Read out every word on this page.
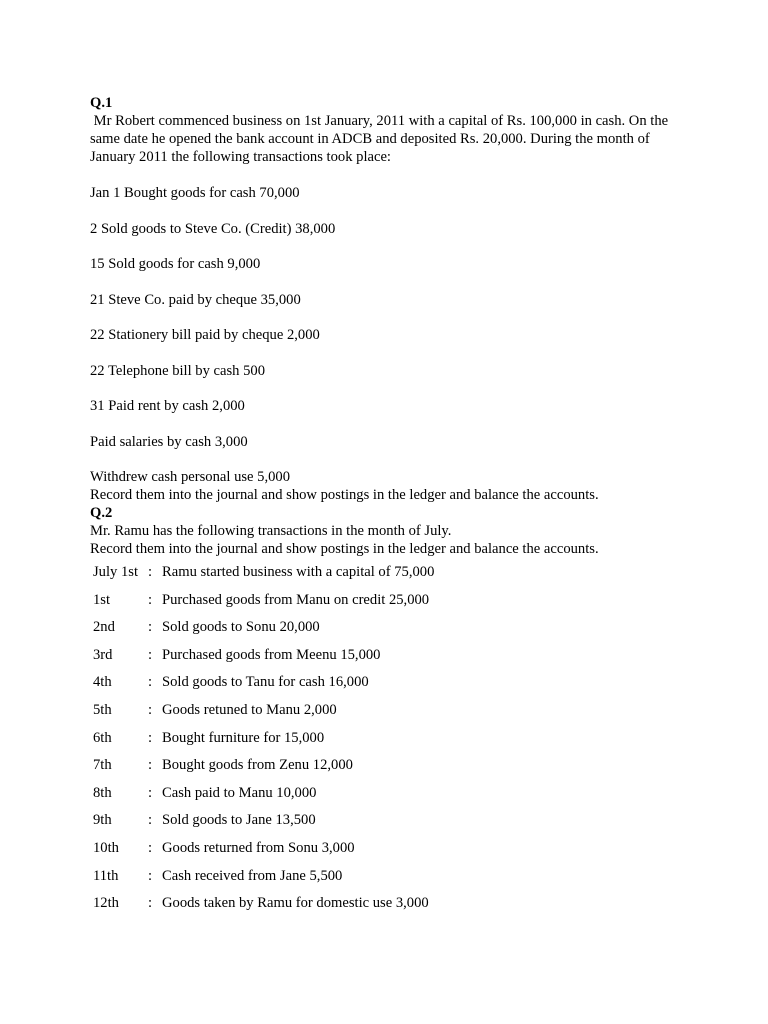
Q.1

Mr Robert commenced business on 1st January, 2011 with a capital of Rs. 100,000 in cash. On the same date he opened the bank account in ADCB and deposited Rs. 20,000. During the month of January 2011 the following transactions took place:

Jan 1 Bought goods for cash 70,000
2 Sold goods to Steve Co. (Credit) 38,000
15 Sold goods for cash 9,000
21 Steve Co. paid by cheque 35,000
22 Stationery bill paid by cheque 2,000
22 Telephone bill by cash 500
31 Paid rent by cash 2,000
Paid salaries by cash 3,000
Withdrew cash personal use 5,000

Record them into the journal and show postings in the ledger and balance the accounts.

Q.2

Mr. Ramu has the following transactions in the month of July.

Record them into the journal and show postings in the ledger and balance the accounts.

July 1st	:	Ramu started business with a capital of 75,000
1st	:	Purchased goods from Manu on credit 25,000
2nd	:	Sold goods to Sonu 20,000
3rd	:	Purchased goods from Meenu 15,000
4th	:	Sold goods to Tanu for cash 16,000
5th	:	Goods retuned to Manu 2,000
6th	:	Bought furniture for 15,000
7th	:	Bought goods from Zenu 12,000
8th	:	Cash paid to Manu 10,000
9th	:	Sold goods to Jane 13,500
10th	:	Goods returned from Sonu 3,000
11th	:	Cash received from Jane 5,500
12th	:	Goods taken by Ramu for domestic use 3,000
